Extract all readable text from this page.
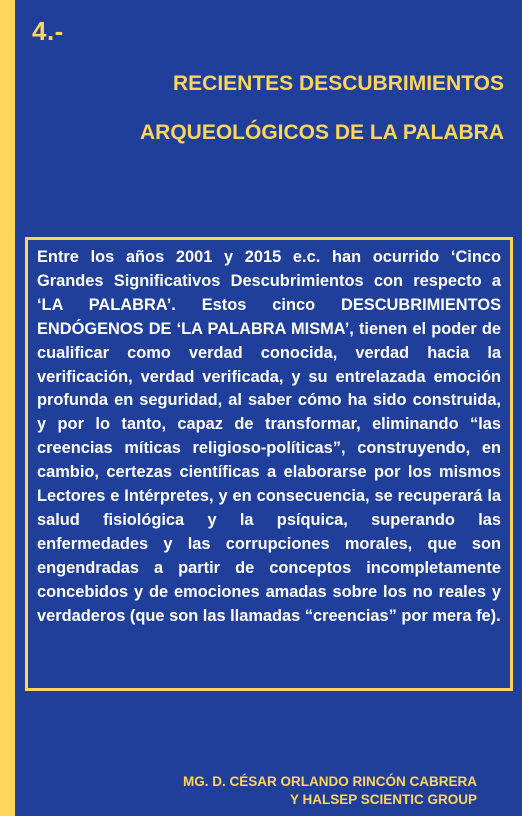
4.-
RECIENTES DESCUBRIMIENTOS
ARQUEOLÓGICOS DE LA PALABRA

Entre los años 2001 y 2015 e.c. han ocurrido ‘Cinco Grandes Significativos Descubrimientos con respecto a ‘LA PALABRA’. Estos cinco DESCUBRIMIENTOS ENDÓGENOS DE ‘LA PALABRA MISMA’, tienen el poder de cualificar como verdad conocida, verdad hacia la verificación, verdad verificada, y su entrelazada emoción profunda en seguridad, al saber cómo ha sido construida, y por lo tanto, capaz de transformar, eliminando “las creencias míticas religioso-políticas”, construyendo, en cambio, certezas científicas a elaborarse por los mismos Lectores e Intérpretes, y en consecuencia, se recuperará la salud fisiológica y la psíquica, superando las enfermedades y las corrupciones morales, que son engendradas a partir de conceptos incompletamente concebidos y de emociones amadas sobre los no reales y verdaderos (que son las llamadas “creencias” por mera fe).

MG. D. CÉSAR ORLANDO RINCÓN CABRERA
Y HALSEP SCIENTIC GROUP
